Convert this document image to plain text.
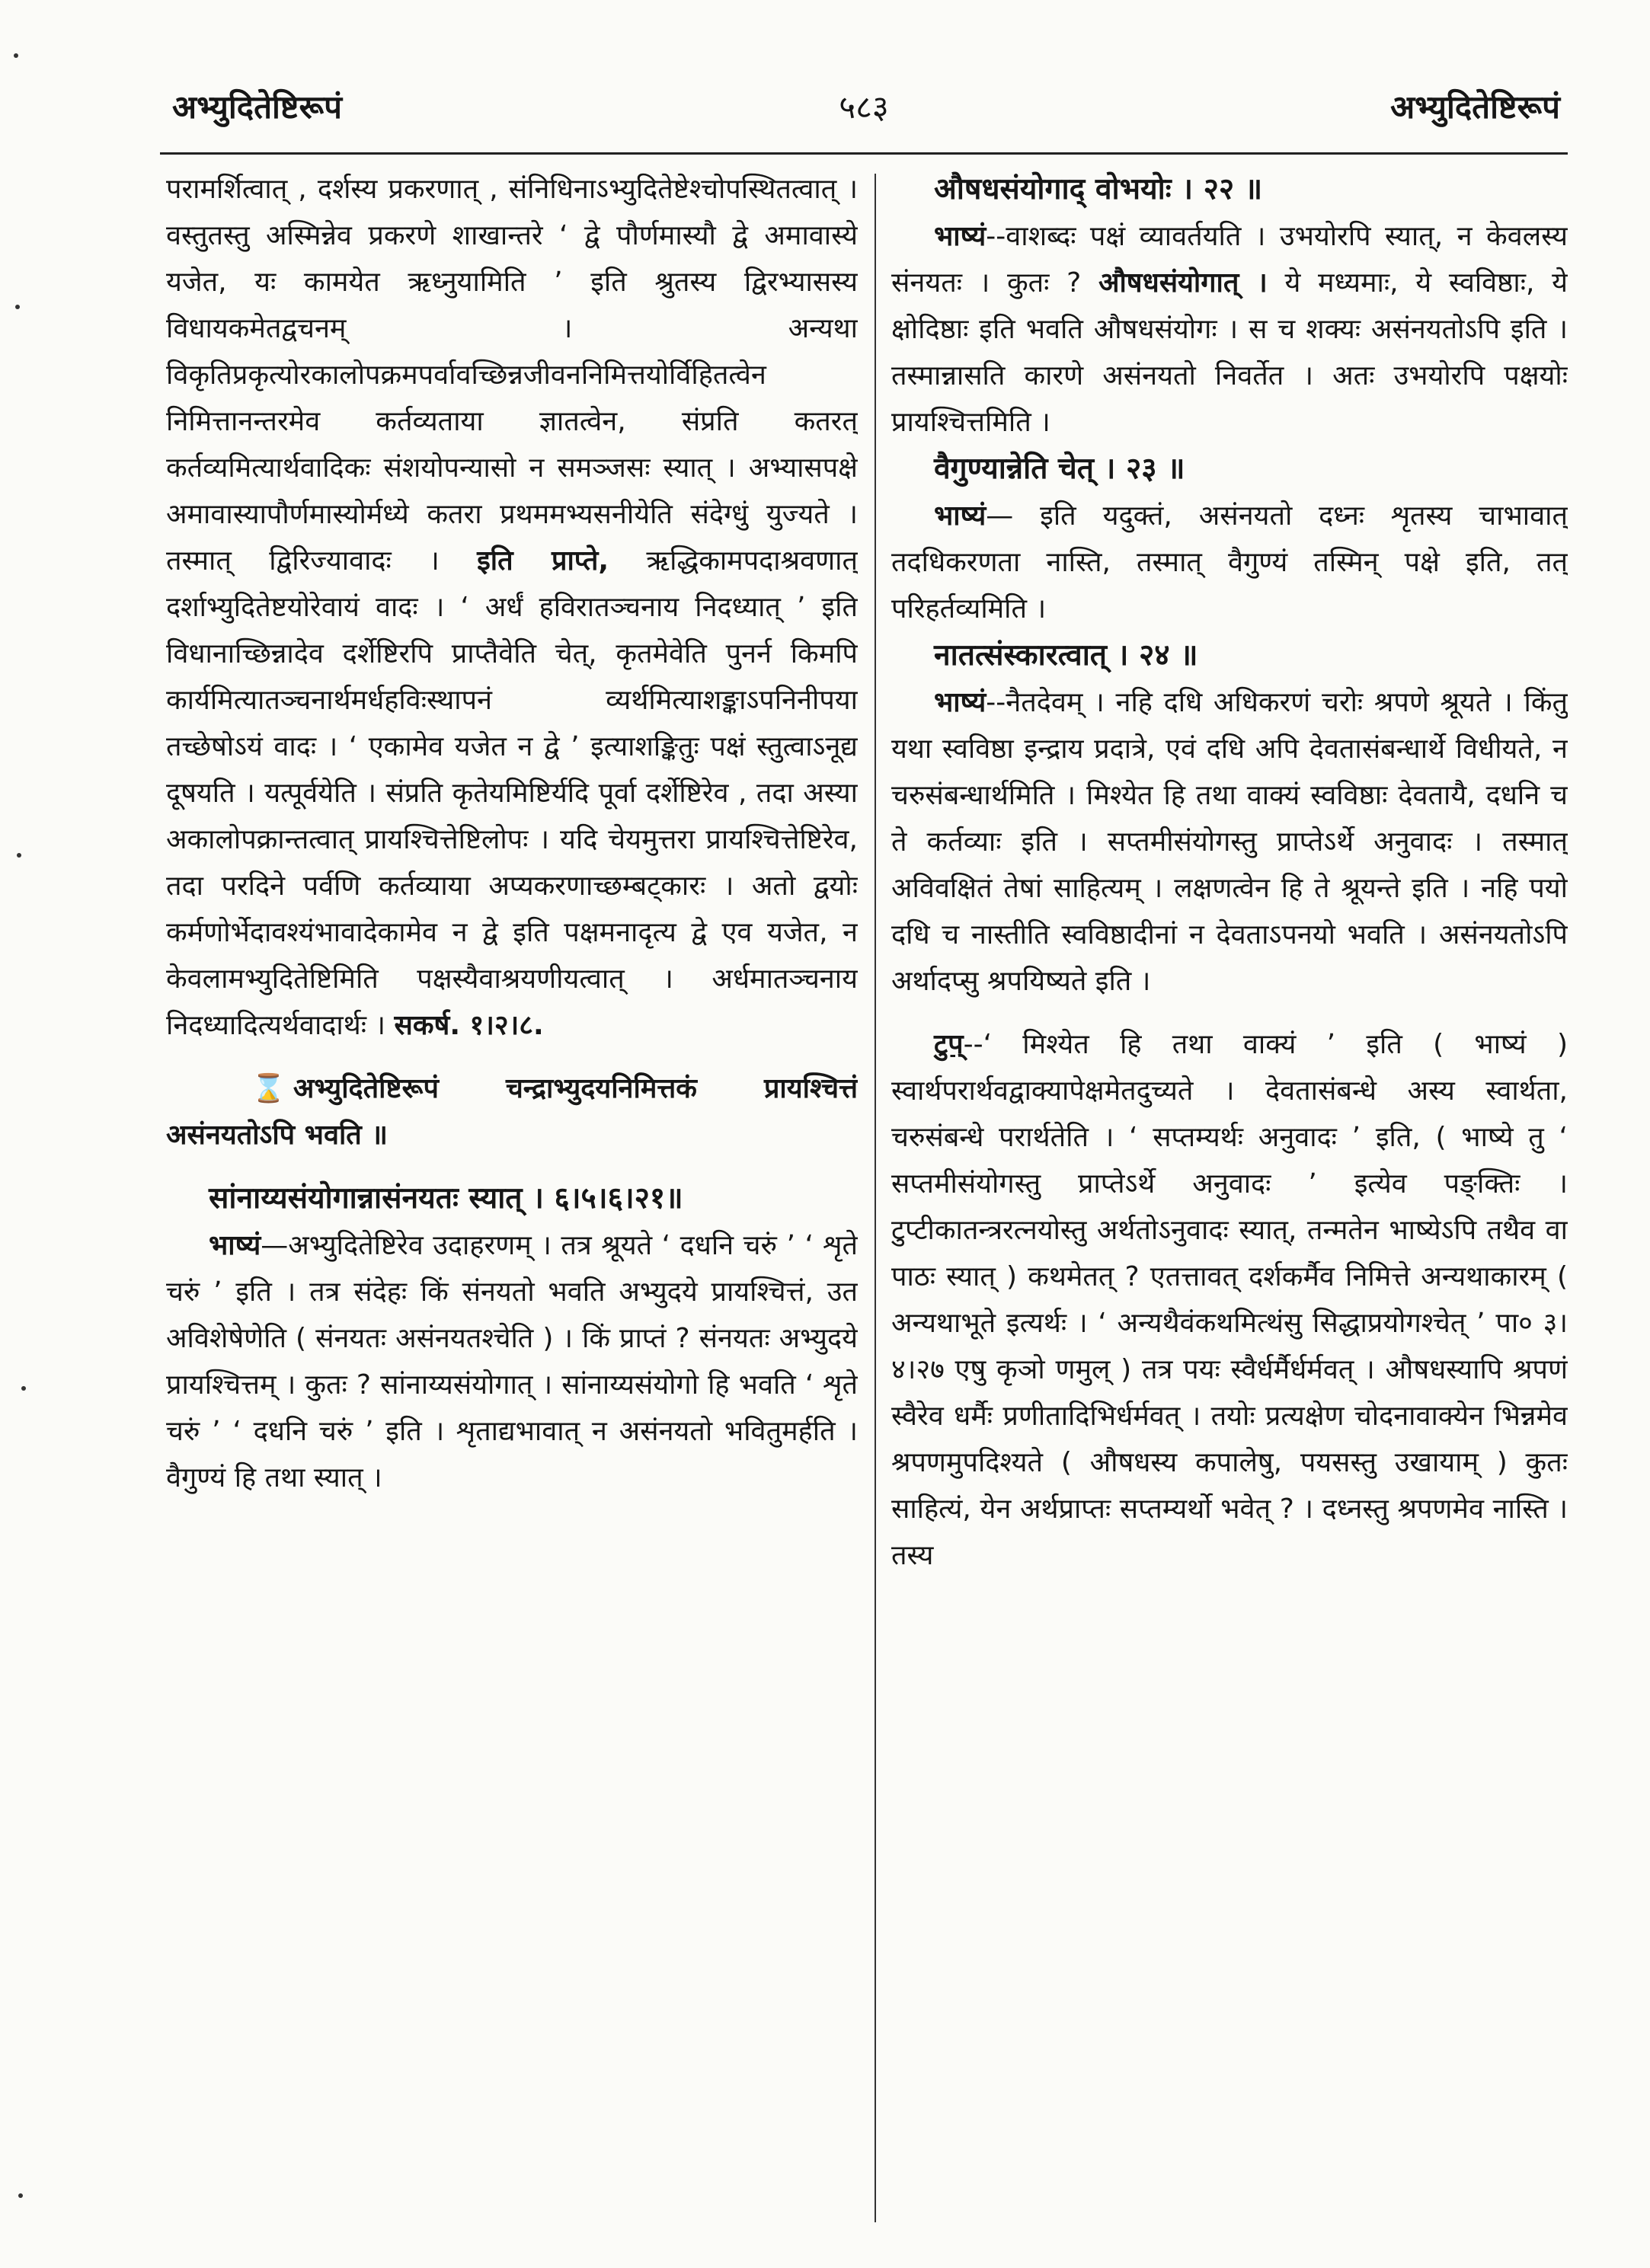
५८३
अभ्युदितेष्टिरूपं	अभ्युदितेष्टिरूपं

परामर्शित्वात् , दर्शस्य प्रकरणात् , संनिधिनाऽभ्युदितेष्टेश्चोपस्थितत्वात् । वस्तुतस्तु अस्मिन्नेव प्रकरणे शाखान्तरे ‘ द्वे पौर्णमास्यौ द्वे अमावास्ये यजेत, यः कामयेत ऋध्नुयामिति ’ इति श्रुतस्य द्विरभ्यासस्य विधायकमेतद्वचनम् । अन्यथा विकृतिप्रकृत्योरकालोपक्रमपर्वावच्छिन्नजीवननिमित्तयोर्विहितत्वेन निमित्तानन्तरमेव कर्तव्यताया ज्ञातत्वेन, संप्रति कतरत् कर्तव्यमित्यार्थवादिकः संशयोपन्यासो न समञ्जसः स्यात् । अभ्यासपक्षे अमावास्यापौर्णमास्योर्मध्ये कतरा प्रथममभ्यसनीयेति संदेग्धुं युज्यते । तस्मात् द्विरिज्यावादः । इति प्राप्ते, ऋद्धिकामपदाश्रवणात् दर्शाभ्युदितेष्टयोरेवायं वादः । ‘ अर्धं हविरातञ्चनाय निदध्यात् ’ इति विधानाच्छिन्नादेव दर्शेष्टिरपि प्राप्तैवेति चेत्, कृतमेवेति पुनर्न किमपि कार्यमित्यातञ्चनार्थमर्धहविःस्थापनं व्यर्थमित्याशङ्काऽपनिनीपया तच्छेषोऽयं वादः । ‘ एकामेव यजेत न द्वे ’ इत्याशङ्कितुः पक्षं स्तुत्वाऽनूद्य दूषयति । यत्पूर्वयेति । संप्रति कृतेयमिष्टिर्यदि पूर्वा दर्शेष्टिरेव , तदा अस्या अकालोपक्रान्तत्वात् प्रायश्चित्तेष्टिलोपः । यदि चेयमुत्तरा प्रायश्चित्तेष्टिरेव, तदा परदिने पर्वणि कर्तव्याया अप्यकरणाच्छम्बट्कारः । अतो द्वयोः कर्मणोर्भेदावश्यंभावादेकामेव न द्वे इति पक्षमनादृत्य द्वे एव यजेत, न केवलामभ्युदितेष्टिमिति पक्षस्यैवाश्रयणीयत्वात् । अर्धमातञ्चनाय निदध्यादित्यर्थवादार्थः । सकर्ष. १।२।८.

⌛ अभ्युदितेष्टिरूपं चन्द्राभ्युदयनिमित्तकं प्रायश्चित्तं असंनयतोऽपि भवति ॥

सांनाय्यसंयोगान्नासंनयतः स्यात् । ६।५।६।२१॥

भाष्यं—अभ्युदितेष्टिरेव उदाहरणम् । तत्र श्रूयते ‘ दधनि चरुं ’ ‘ शृते चरुं ’ इति । तत्र संदेहः किं संनयतो भवति अभ्युदये प्रायश्चित्तं, उत अविशेषेणेति ( संनयतः असंनयतश्चेति ) । किं प्राप्तं ? संनयतः अभ्युदये प्रायश्चित्तम् । कुतः ? सांनाय्यसंयोगात् । सांनाय्यसंयोगो हि भवति ‘ शृते चरुं ’ ‘ दधनि चरुं ’ इति । शृताद्यभावात् न असंनयतो भवितुमर्हति । वैगुण्यं हि तथा स्यात् ।

औषधसंयोगाद् वोभयोः । २२ ॥

भाष्यं--वाशब्दः पक्षं व्यावर्तयति । उभयोरपि स्यात्, न केवलस्य संनयतः । कुतः ? औषधसंयोगात् । ये मध्यमाः, ये स्वविष्ठाः, ये क्षोदिष्ठाः इति भवति औषधसंयोगः । स च शक्यः असंनयतोऽपि इति । तस्मान्नासति कारणे असंनयतो निवर्तेत । अतः उभयोरपि पक्षयोः प्रायश्चित्तमिति ।

वैगुण्यान्नेति चेत् । २३ ॥

भाष्यं— इति यदुक्तं, असंनयतो दध्नः शृतस्य चाभावात् तदधिकरणता नास्ति, तस्मात् वैगुण्यं तस्मिन् पक्षे इति, तत् परिहर्तव्यमिति ।

नातत्संस्कारत्वात् । २४ ॥

भाष्यं--नैतदेवम् । नहि दधि अधिकरणं चरोः श्रपणे श्रूयते । किंतु यथा स्वविष्ठा इन्द्राय प्रदात्रे, एवं दधि अपि देवतासंबन्धार्थे विधीयते, न चरुसंबन्धार्थमिति । मिश्येत हि तथा वाक्यं स्वविष्ठाः देवतायै, दधनि च ते कर्तव्याः इति । सप्तमीसंयोगस्तु प्राप्तेऽर्थे अनुवादः । तस्मात् अविवक्षितं तेषां साहित्यम् । लक्षणत्वेन हि ते श्रूयन्ते इति । नहि पयो दधि च नास्तीति स्वविष्ठादीनां न देवताऽपनयो भवति । असंनयतोऽपि अर्थादप्सु श्रपयिष्यते इति ।

टुप्--‘ मिश्येत हि तथा वाक्यं ’ इति ( भाष्यं ) स्वार्थपरार्थवद्वाक्यापेक्षमेतदुच्यते । देवतासंबन्धे अस्य स्वार्थता, चरुसंबन्धे परार्थतेति । ‘ सप्तम्यर्थः अनुवादः ’ इति, ( भाष्ये तु ‘ सप्तमीसंयोगस्तु प्राप्तेऽर्थे अनुवादः ’ इत्येव पङ्क्तिः । टुप्टीकातन्त्ररत्नयोस्तु अर्थतोऽनुवादः स्यात्, तन्मतेन भाष्येऽपि तथैव वा पाठः स्यात् ) कथमेतत् ? एतत्तावत् दर्शकर्मैव निमित्ते अन्यथाकारम् ( अन्यथाभूते इत्यर्थः । ‘ अन्यथैवंकथमित्थंसु सिद्धाप्रयोगश्चेत् ’ पा० ३।४।२७ एषु कृञो णमुल् ) तत्र पयः स्वैर्धर्मैर्धर्मवत् । औषधस्यापि श्रपणं स्वैरेव धर्मैः प्रणीतादिभिर्धर्मवत् । तयोः प्रत्यक्षेण चोदनावाक्येन भिन्नमेव श्रपणमुपदिश्यते ( औषधस्य कपालेषु, पयसस्तु उखायाम् ) कुतः साहित्यं, येन अर्थप्राप्तः सप्तम्यर्थो भवेत् ? । दध्नस्तु श्रपणमेव नास्ति । तस्य
